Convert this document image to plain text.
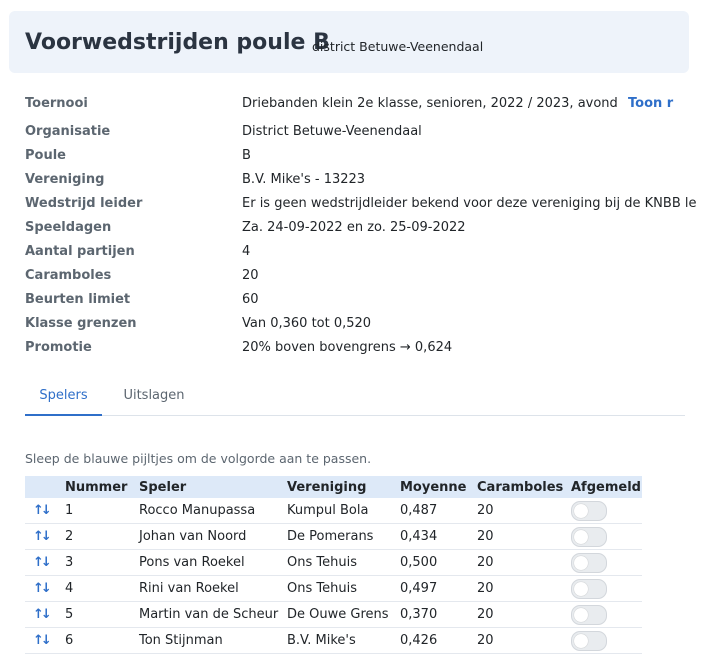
Voorwedstrijden poule B
district Betuwe-Veenendaal
Toernooi	Driebanden klein 2e klasse, senioren, 2022 / 2023, avond
Organisatie	District Betuwe-Veenendaal
Poule	B
Vereniging	B.V. Mike's - 13223
Wedstrijd leider	Er is geen wedstrijdleider bekend voor deze vereniging bij de KNBB le
Speeldagen	Za. 24-09-2022 en zo. 25-09-2022
Aantal partijen	4
Caramboles	20
Beurten limiet	60
Klasse grenzen	Van 0,360 tot 0,520
Promotie	20% boven bovengrens → 0,624
Toon r
Spelers	Uitslagen
Sleep de blauwe pijltjes om de volgorde aan te passen.
	Nummer	Speler	Vereniging	Moyenne	Caramboles	Afgemeld
↑↓	1	Rocco Manupassa	Kumpul Bola	0,487	20	

↑↓	2	Johan van Noord	De Pomerans	0,434	20	

↑↓	3	Pons van Roekel	Ons Tehuis	0,500	20	

↑↓	4	Rini van Roekel	Ons Tehuis	0,497	20	

↑↓	5	Martin van de Scheur	De Ouwe Grens	0,370	20	

↑↓	6	Ton Stijnman	B.V. Mike's	0,426	20	
